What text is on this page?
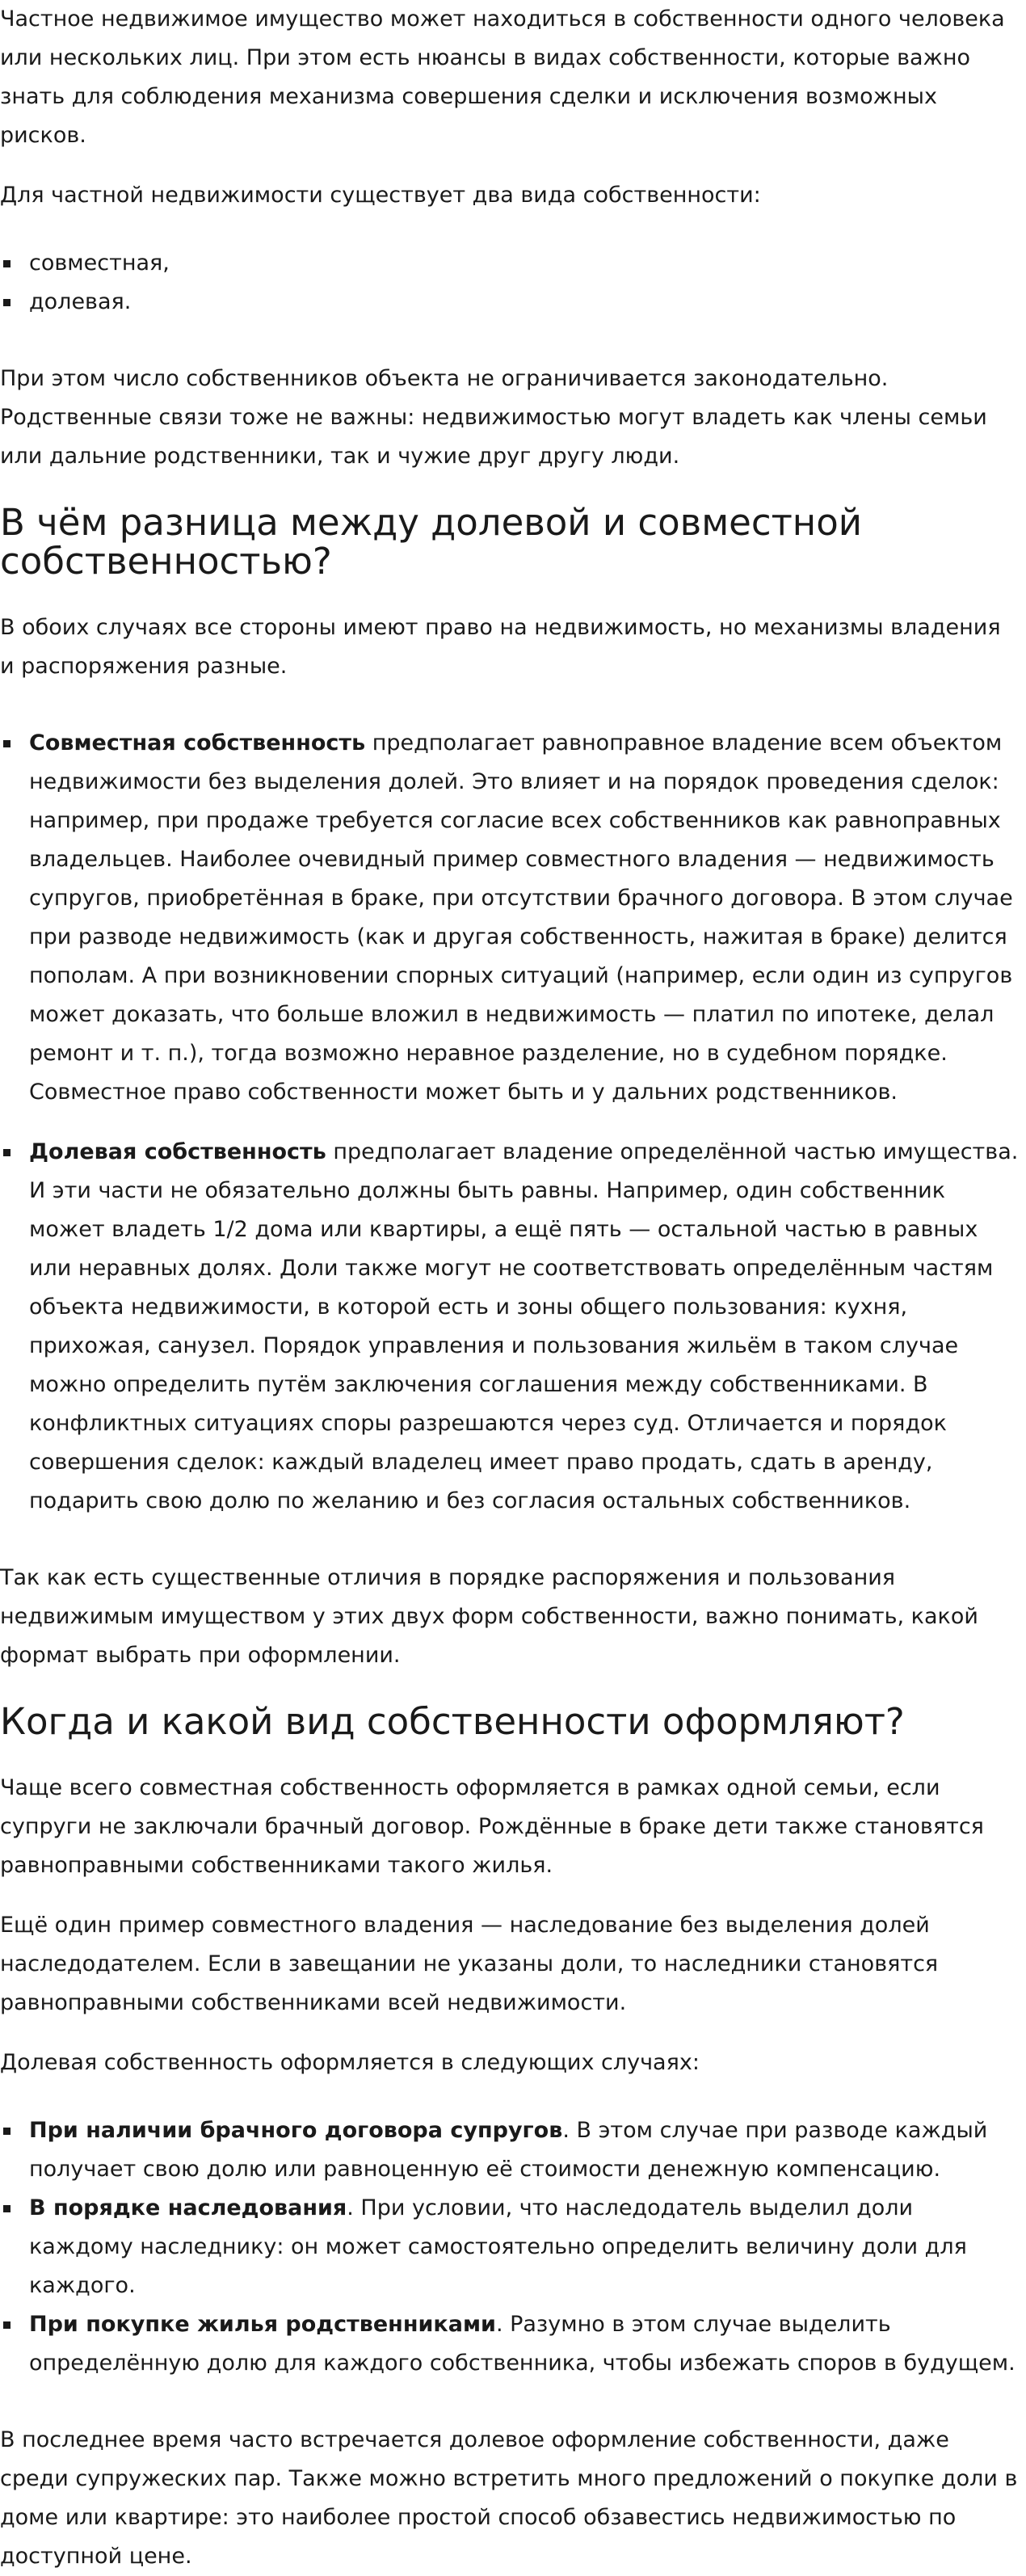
Частное недвижимое имущество может находиться в собственности одного человека или нескольких лиц. При этом есть нюансы в видах собственности, которые важно знать для соблюдения механизма совершения сделки и исключения возможных рисков.

Для частной недвижимости существует два вида собственности:

совместная,
долевая.

При этом число собственников объекта не ограничивается законодательно. Родственные связи тоже не важны: недвижимостью могут владеть как члены семьи или дальние родственники, так и чужие друг другу люди.

В чём разница между долевой и совместной собственностью?

В обоих случаях все стороны имеют право на недвижимость, но механизмы владения и распоряжения разные.

Совместная собственность предполагает равноправное владение всем объектом недвижимости без выделения долей. Это влияет и на порядок проведения сделок: например, при продаже требуется согласие всех собственников как равноправных владельцев. Наиболее очевидный пример совместного владения — недвижимость супругов, приобретённая в браке, при отсутствии брачного договора. В этом случае при разводе недвижимость (как и другая собственность, нажитая в браке) делится пополам. А при возникновении спорных ситуаций (например, если один из супругов может доказать, что больше вложил в недвижимость — платил по ипотеке, делал ремонт и т. п.), тогда возможно неравное разделение, но в судебном порядке. Совместное право собственности может быть и у дальних родственников.
Долевая собственность предполагает владение определённой частью имущества. И эти части не обязательно должны быть равны. Например, один собственник может владеть 1/2 дома или квартиры, а ещё пять — остальной частью в равных или неравных долях. Доли также могут не соответствовать определённым частям объекта недвижимости, в которой есть и зоны общего пользования: кухня, прихожая, санузел. Порядок управления и пользования жильём в таком случае можно определить путём заключения соглашения между собственниками. В конфликтных ситуациях споры разрешаются через суд. Отличается и порядок совершения сделок: каждый владелец имеет право продать, сдать в аренду, подарить свою долю по желанию и без согласия остальных собственников.

Так как есть существенные отличия в порядке распоряжения и пользования недвижимым имуществом у этих двух форм собственности, важно понимать, какой формат выбрать при оформлении.

Когда и какой вид собственности оформляют?

Чаще всего совместная собственность оформляется в рамках одной семьи, если супруги не заключали брачный договор. Рождённые в браке дети также становятся равноправными собственниками такого жилья.

Ещё один пример совместного владения — наследование без выделения долей наследодателем. Если в завещании не указаны доли, то наследники становятся равноправными собственниками всей недвижимости.

Долевая собственность оформляется в следующих случаях:

При наличии брачного договора супругов. В этом случае при разводе каждый получает свою долю или равноценную её стоимости денежную компенсацию.
В порядке наследования. При условии, что наследодатель выделил доли каждому наследнику: он может самостоятельно определить величину доли для каждого.
При покупке жилья родственниками. Разумно в этом случае выделить определённую долю для каждого собственника, чтобы избежать споров в будущем.

В последнее время часто встречается долевое оформление собственности, даже среди супружеских пар. Также можно встретить много предложений о покупке доли в доме или квартире: это наиболее простой способ обзавестись недвижимостью по доступной цене.
